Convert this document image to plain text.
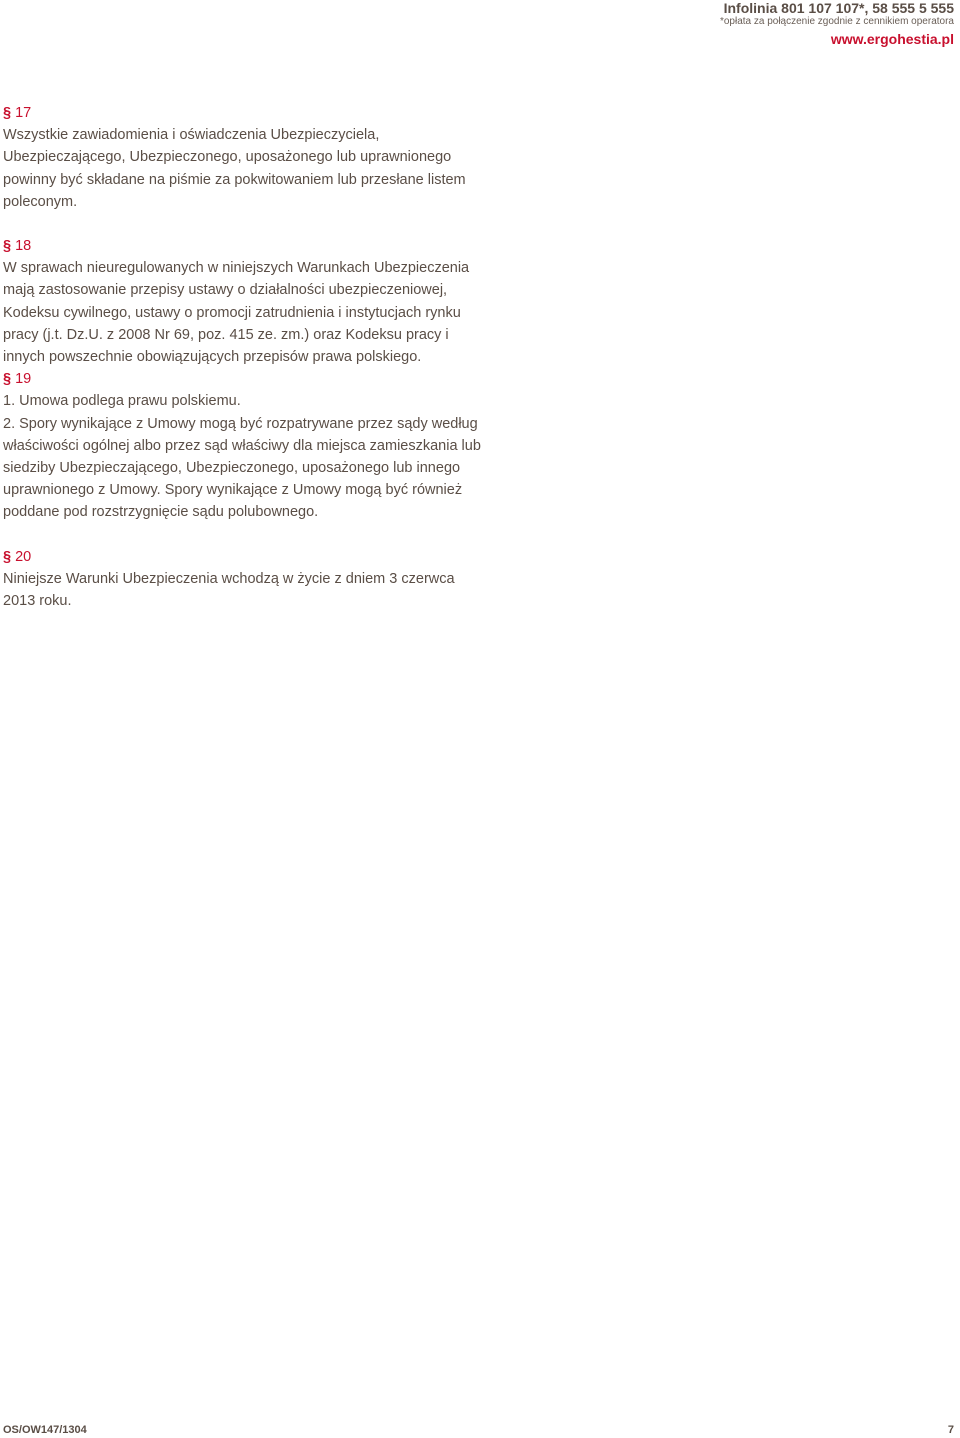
Infolinia 801 107 107*, 58 555 5 555
*opłata za połączenie zgodnie z cennikiem operatora
www.ergohestia.pl
§ 17

Wszystkie zawiadomienia i oświadczenia Ubezpieczyciela, Ubezpieczającego, Ubezpieczonego, uposażonego lub uprawnionego powinny być składane na piśmie za pokwitowaniem lub przesłane listem poleconym.

§ 18

W sprawach nieuregulowanych w niniejszych Warunkach Ubezpieczenia mają zastosowanie przepisy ustawy o działalności ubezpieczeniowej, Kodeksu cywilnego, ustawy o promocji zatrudnienia i instytucjach rynku pracy (j.t. Dz.U. z 2008 Nr 69, poz. 415 ze. zm.) oraz Kodeksu pracy i innych powszechnie obowiązujących przepisów prawa polskiego.

§ 19

1. Umowa podlega prawu polskiemu.

2. Spory wynikające z Umowy mogą być rozpatrywane przez sądy według właściwości ogólnej albo przez sąd właściwy dla miejsca zamieszkania lub siedziby Ubezpieczającego, Ubezpieczonego, uposażonego lub innego uprawnionego z Umowy. Spory wynikające z Umowy mogą być również poddane pod rozstrzygnięcie sądu polubownego.

§ 20

Niniejsze Warunki Ubezpieczenia wchodzą w życie z dniem 3 czerwca 2013 roku.

OS/OW147/1304	7
